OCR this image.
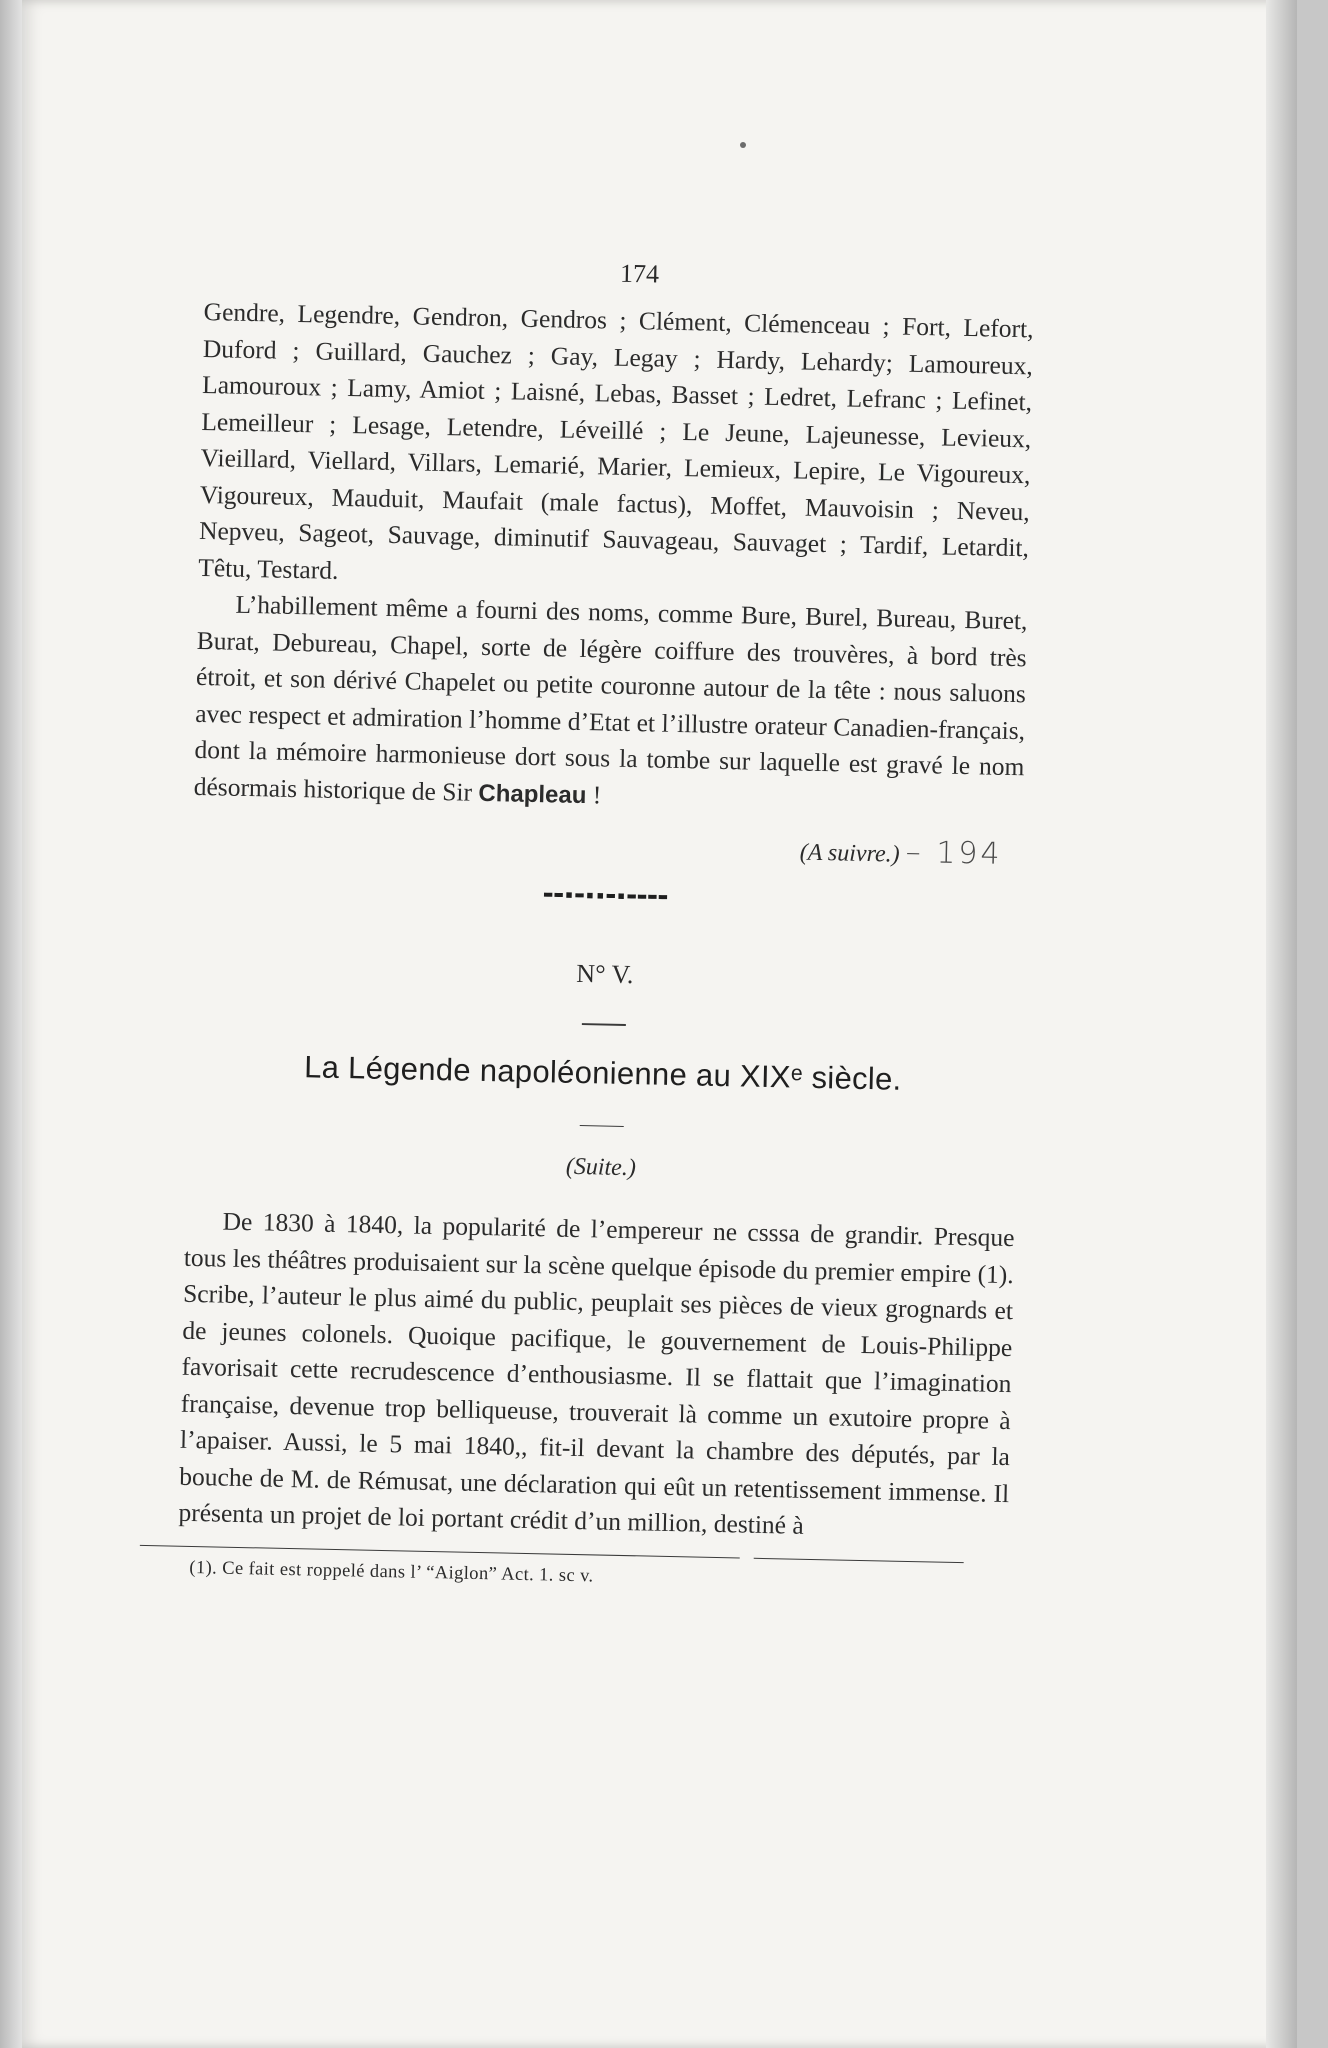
174

Gendre, Legendre, Gendron, Gendros ; Clément, Clémenceau ; Fort, Lefort, Duford ; Guillard, Gauchez ; Gay, Legay ; Hardy, Lehardy; Lamoureux, Lamouroux ; Lamy, Amiot ; Laisné, Lebas, Basset ; Ledret, Lefranc ; Lefinet, Lemeilleur ; Lesage, Letendre, Léveillé ; Le Jeune, Lajeunesse, Levieux, Vieillard, Viellard, Villars, Lemarié, Marier, Lemieux, Lepire, Le Vigoureux, Vigoureux, Mauduit, Maufait (male factus), Moffet, Mauvoisin ; Neveu, Nepveu, Sageot, Sauvage, diminutif Sauvageau, Sauvaget ; Tardif, Letardit, Têtu, Testard.

L’habillement même a fourni des noms, comme Bure, Burel, Bureau, Buret, Burat, Debureau, Chapel, sorte de légère coiffure des trouvères, à bord très étroit, et son dérivé Chapelet ou petite couronne autour de la tête : nous saluons avec respect et admiration l’homme d’Etat et l’illustre orateur Canadien-français, dont la mémoire harmonieuse dort sous la tombe sur laquelle est gravé le nom désormais historique de Sir Chapleau !

(A suivre.) – 194
▬▬▪▬▪▪▬▪▬▬▬▬
N° V.
La Légende napoléonienne au XIXᵉ siècle.
(Suite.)

De 1830 à 1840, la popularité de l’empereur ne csssa de grandir. Presque tous les théâtres produisaient sur la scène quelque épisode du premier empire (1). Scribe, l’auteur le plus aimé du public, peuplait ses pièces de vieux grognards et de jeunes colonels. Quoique pacifique, le gouvernement de Louis-Philippe favorisait cette recrudescence d’enthousiasme. Il se flattait que l’imagination française, devenue trop belliqueuse, trouverait là comme un exutoire propre à l’apaiser. Aussi, le 5 mai 1840,, fit-il devant la chambre des députés, par la bouche de M. de Rémusat, une déclaration qui eût un retentissement immense. Il présenta un projet de loi portant crédit d’un million, destiné à

(1). Ce fait est roppelé dans l’ “Aiglon” Act. 1. sc v.
